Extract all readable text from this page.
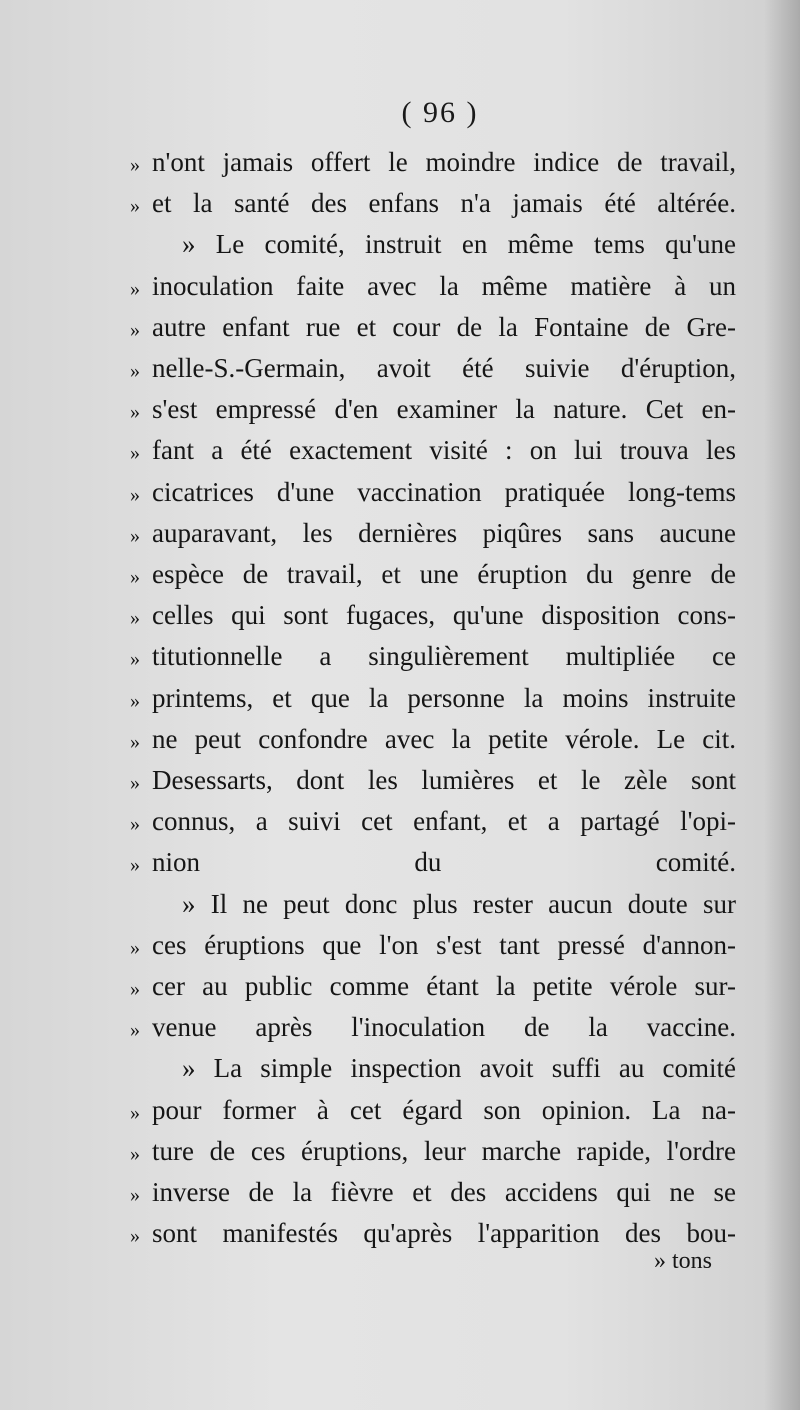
( 96 )
» n'ont jamais offert le moindre indice de travail,
» et la santé des enfans n'a jamais été altérée.
» Le comité, instruit en même tems qu'une
» inoculation faite avec la même matière à un
» autre enfant rue et cour de la Fontaine de Gre-
» nelle-S.-Germain, avoit été suivie d'éruption,
» s'est empressé d'en examiner la nature. Cet en-
» fant a été exactement visité : on lui trouva les
» cicatrices d'une vaccination pratiquée long-tems
» auparavant, les dernières piqûres sans aucune
» espèce de travail, et une éruption du genre de
» celles qui sont fugaces, qu'une disposition cons-
» titutionnelle a singulièrement multipliée ce
» printems, et que la personne la moins instruite
» ne peut confondre avec la petite vérole. Le cit.
» Desessarts, dont les lumières et le zèle sont
» connus, a suivi cet enfant, et a partagé l'opi-
» nion du comité.
» Il ne peut donc plus rester aucun doute sur
» ces éruptions que l'on s'est tant pressé d'annon-
» cer au public comme étant la petite vérole sur-
» venue après l'inoculation de la vaccine.
» La simple inspection avoit suffi au comité
» pour former à cet égard son opinion. La na-
» ture de ces éruptions, leur marche rapide, l'ordre
» inverse de la fièvre et des accidens qui ne se
» sont manifestés qu'après l'apparition des bou-
» tons
